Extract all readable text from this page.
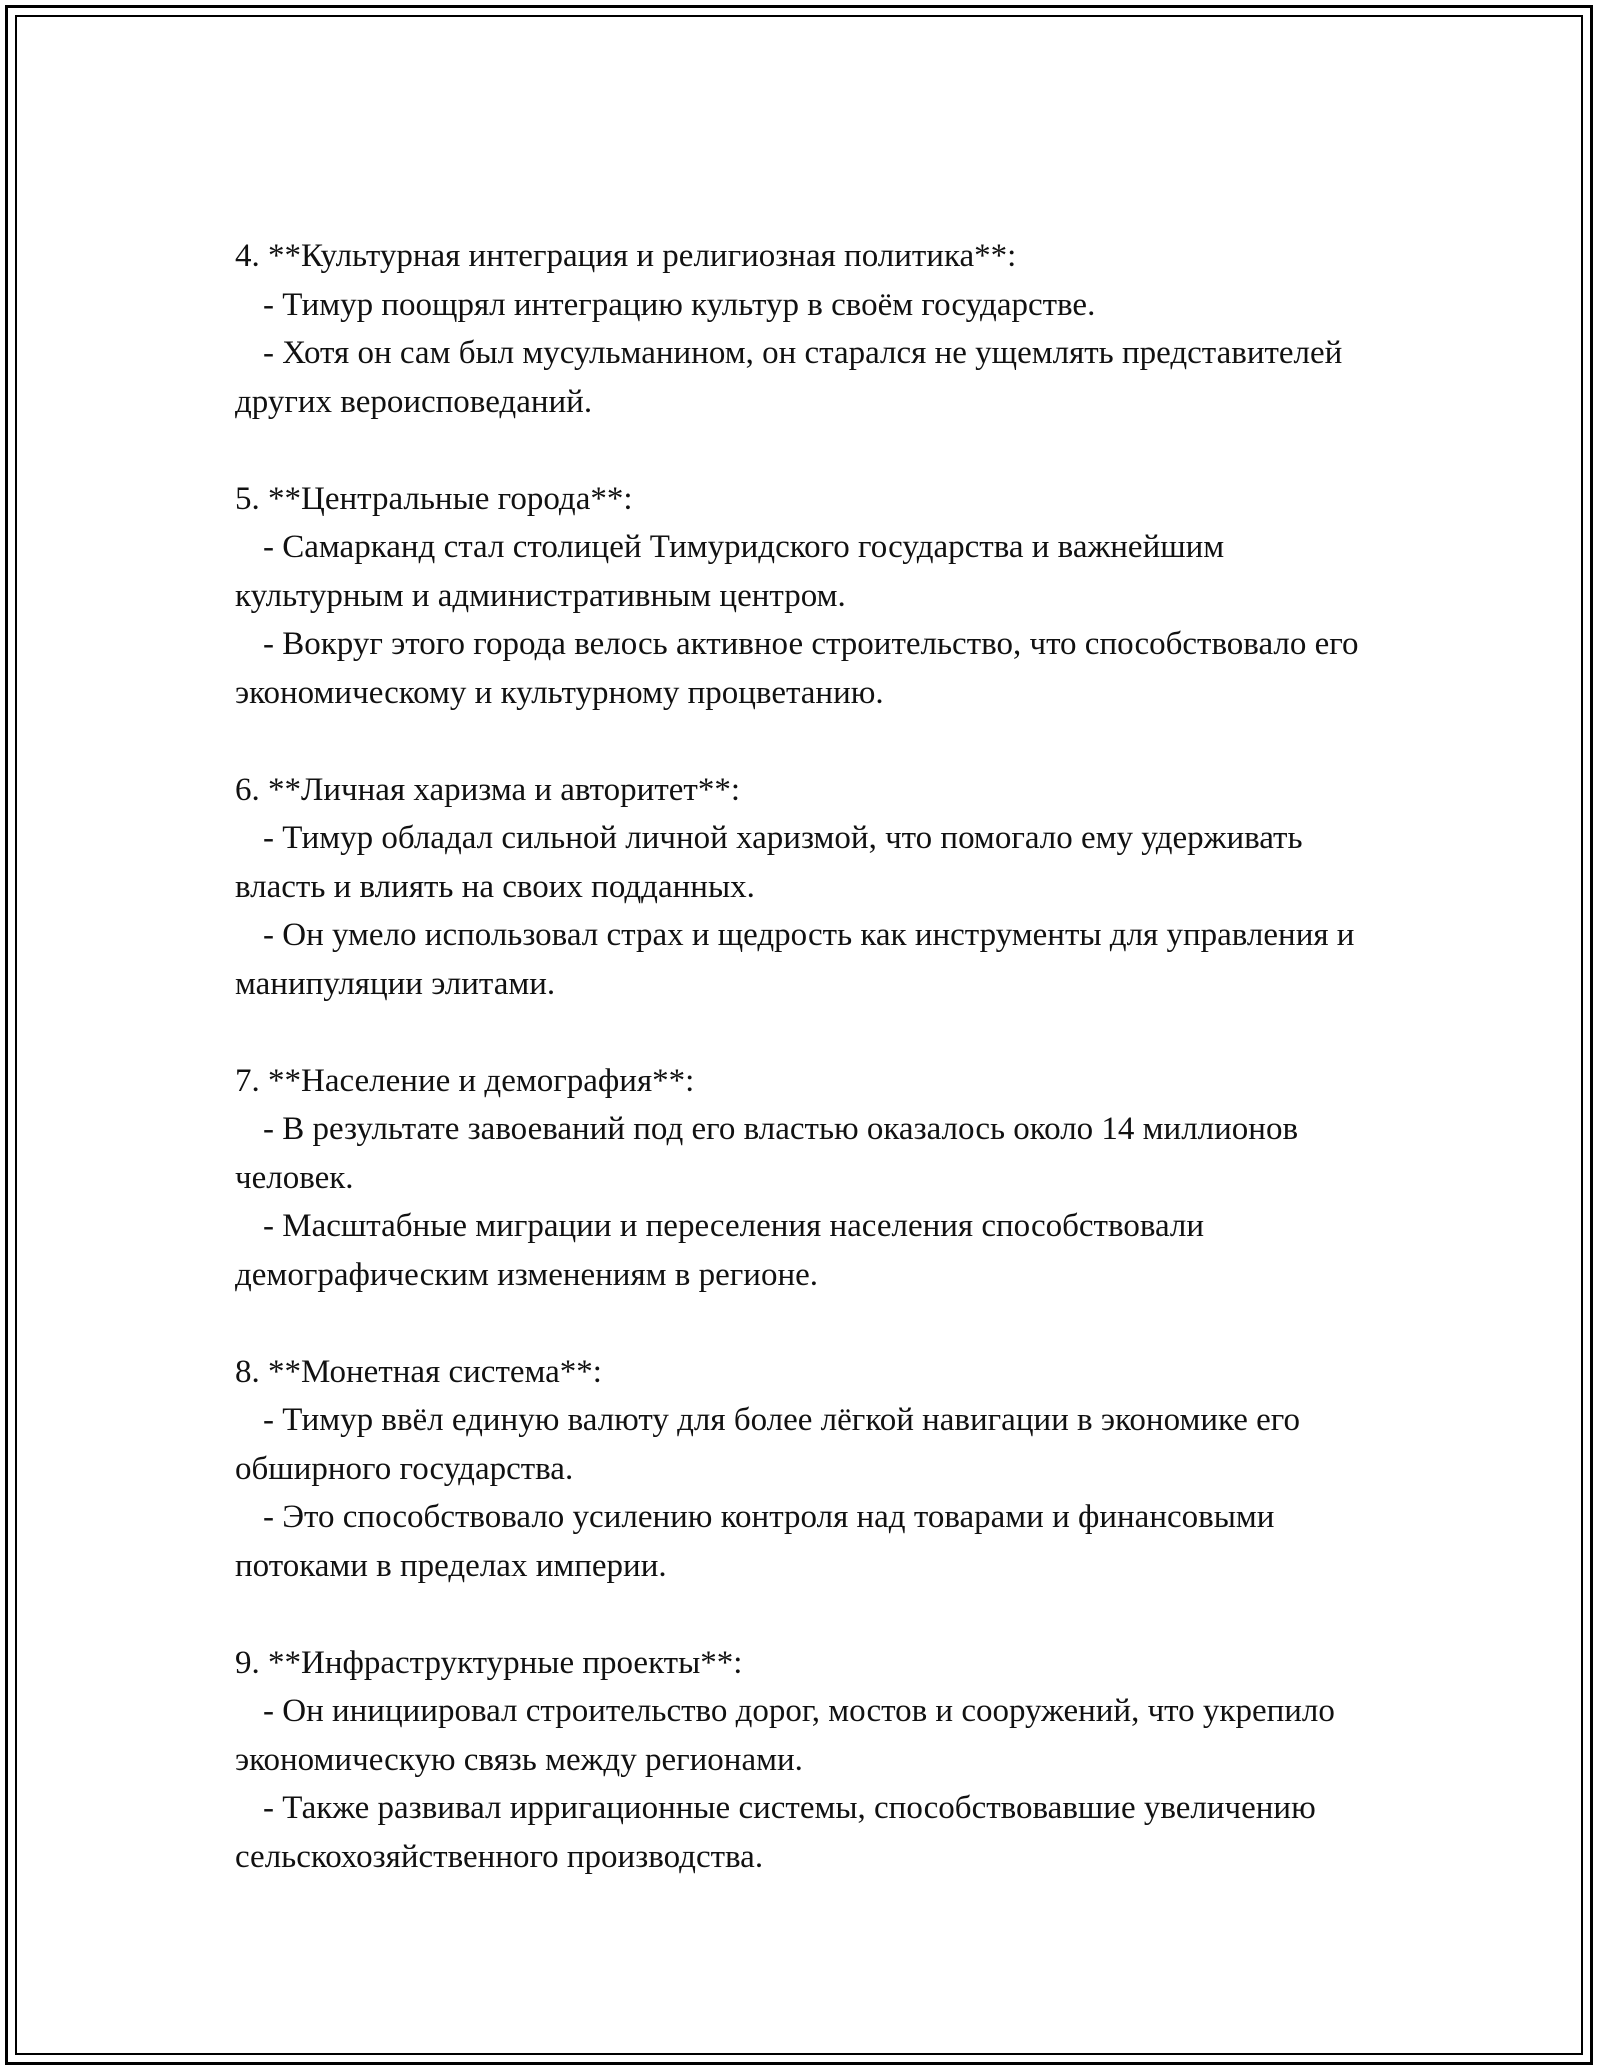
4. **Культурная интеграция и религиозная политика**:

- Тимур поощрял интеграцию культур в своём государстве.

- Хотя он сам был мусульманином, он старался не ущемлять представителей других вероисповеданий.

5. **Центральные города**:

- Самарканд стал столицей Тимуридского государства и важнейшим культурным и административным центром.

- Вокруг этого города велось активное строительство, что способствовало его экономическому и культурному процветанию.

6. **Личная харизма и авторитет**:

- Тимур обладал сильной личной харизмой, что помогало ему удерживать власть и влиять на своих подданных.

- Он умело использовал страх и щедрость как инструменты для управления и манипуляции элитами.

7. **Население и демография**:

- В результате завоеваний под его властью оказалось около 14 миллионов человек.

- Масштабные миграции и переселения населения способствовали демографическим изменениям в регионе.

8. **Монетная система**:

- Тимур ввёл единую валюту для более лёгкой навигации в экономике его обширного государства.

- Это способствовало усилению контроля над товарами и финансовыми потоками в пределах империи.

9. **Инфраструктурные проекты**:

- Он инициировал строительство дорог, мостов и сооружений, что укрепило экономическую связь между регионами.

- Также развивал ирригационные системы, способствовавшие увеличению сельскохозяйственного производства.
